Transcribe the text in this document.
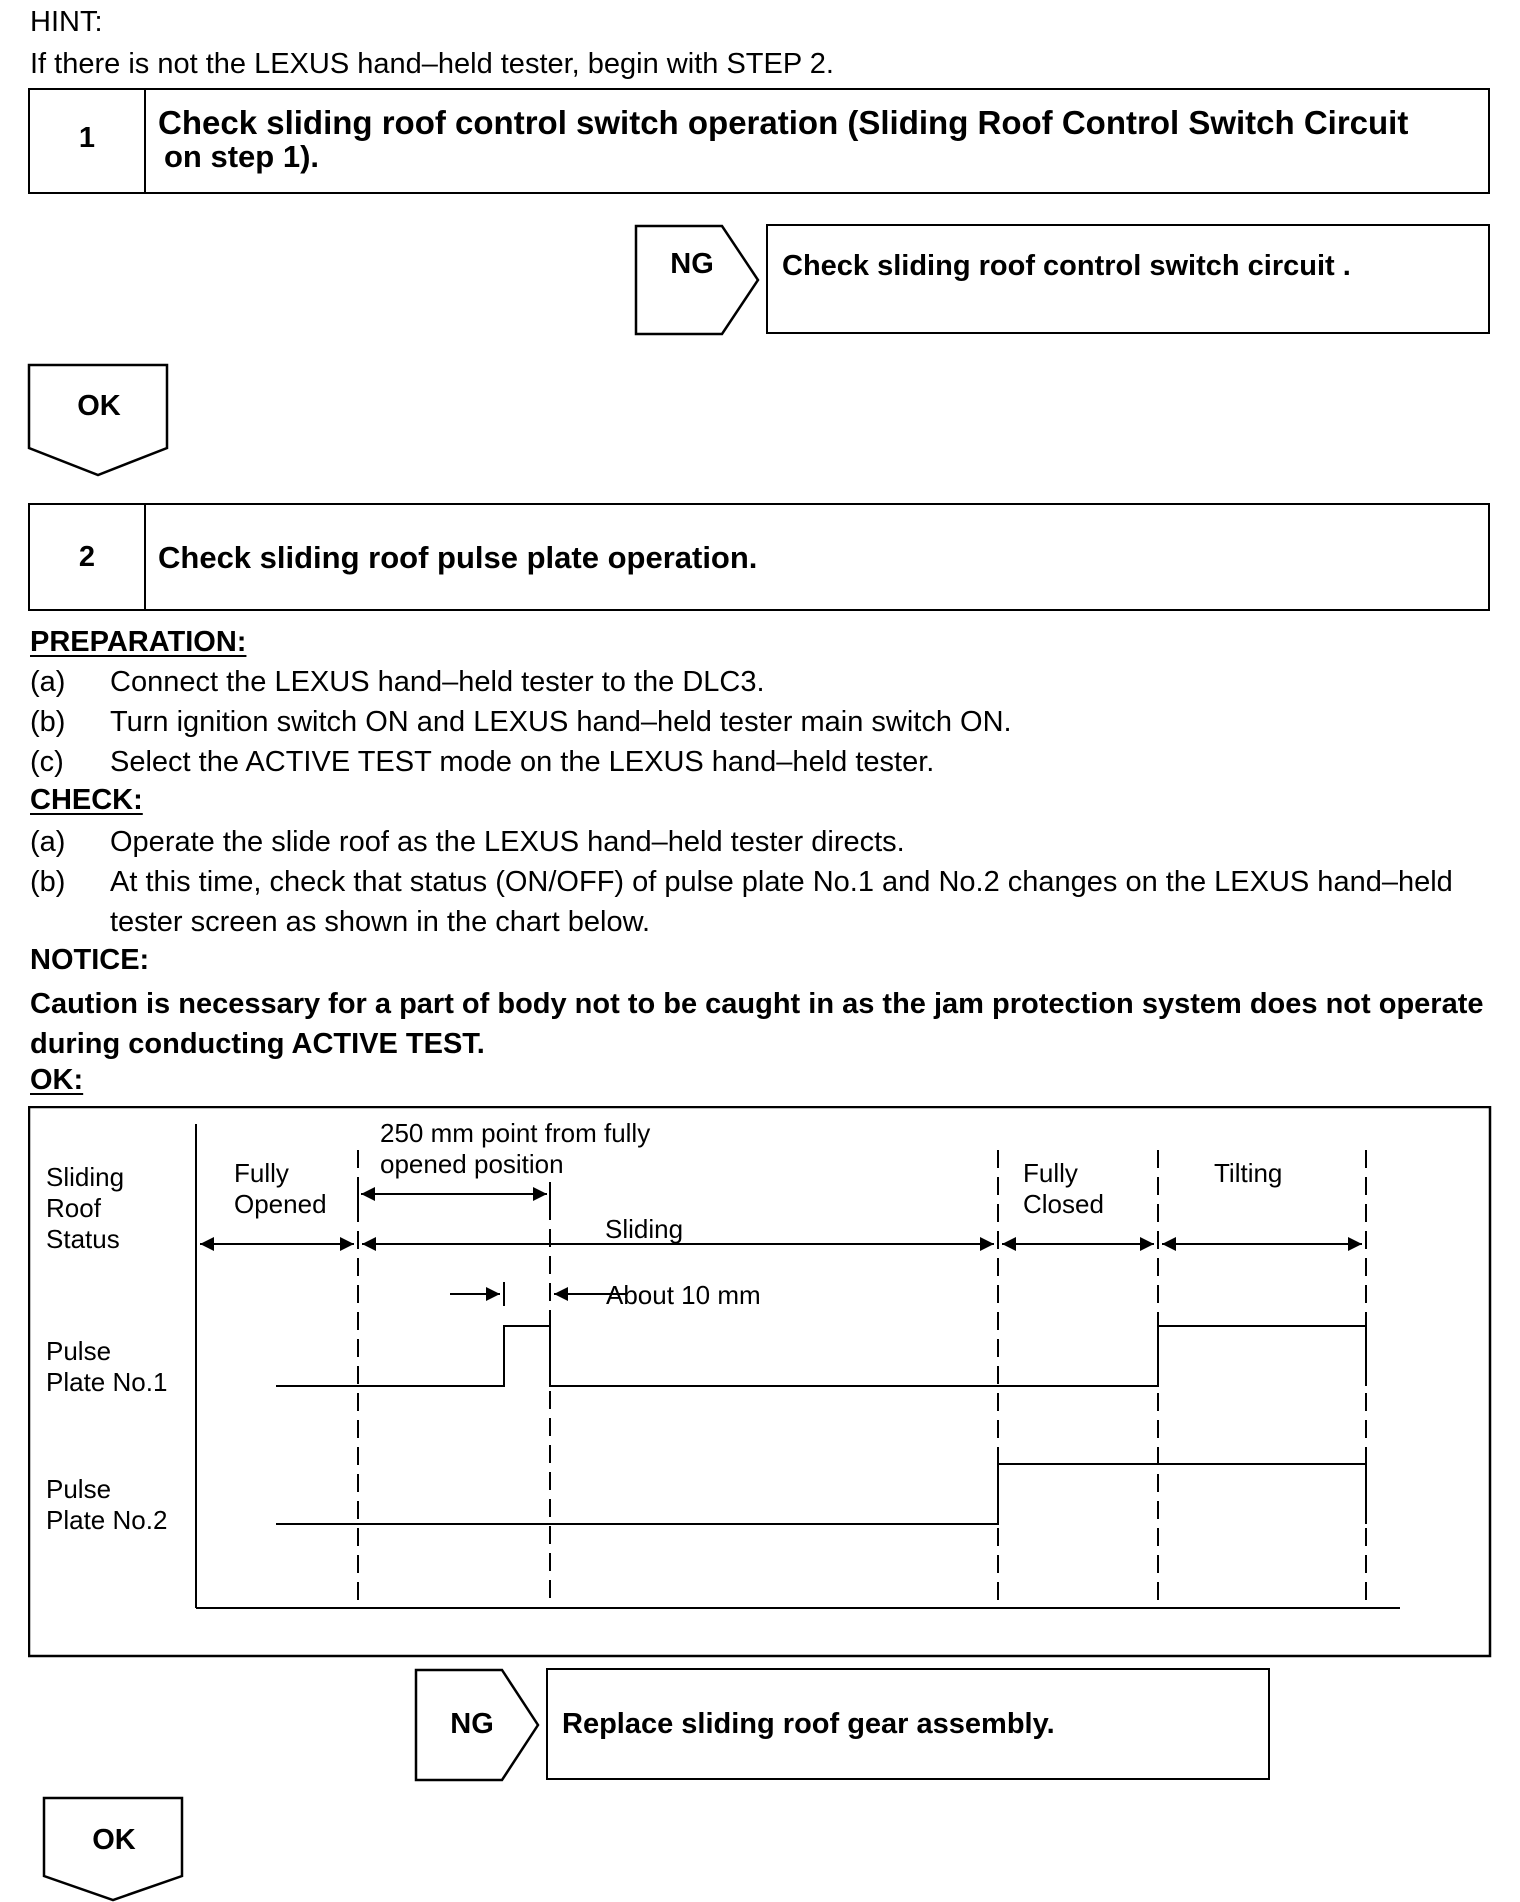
HINT:
If there is not the LEXUS hand–held tester, begin with STEP 2.
1	Check sliding roof control switch operation (Sliding Roof Control Switch Circuit
on step 1).
NG	Check sliding roof control switch circuit .
OK
2	Check sliding roof pulse plate operation.
PREPARATION:
(a) Connect the LEXUS hand–held tester to the DLC3.
(b) Turn ignition switch ON and LEXUS hand–held tester main switch ON.
(c) Select the ACTIVE TEST mode on the LEXUS hand–held tester.
CHECK:
(a) Operate the slide roof as the LEXUS hand–held tester directs.
(b) At this time, check that status (ON/OFF) of pulse plate No.1 and No.2 changes on the LEXUS hand–held tester screen as shown in the chart below.
NOTICE:
Caution is necessary for a part of body not to be caught in as the jam protection system does not operate during conducting ACTIVE TEST.
OK:
Sliding
Roof
Status
Pulse
Plate No.1
Pulse
Plate No.2
Fully
Opened
Sliding
Fully
Closed
Tilting
250 mm point from fully
opened position
About 10 mm
NG	Replace sliding roof gear assembly.
OK
